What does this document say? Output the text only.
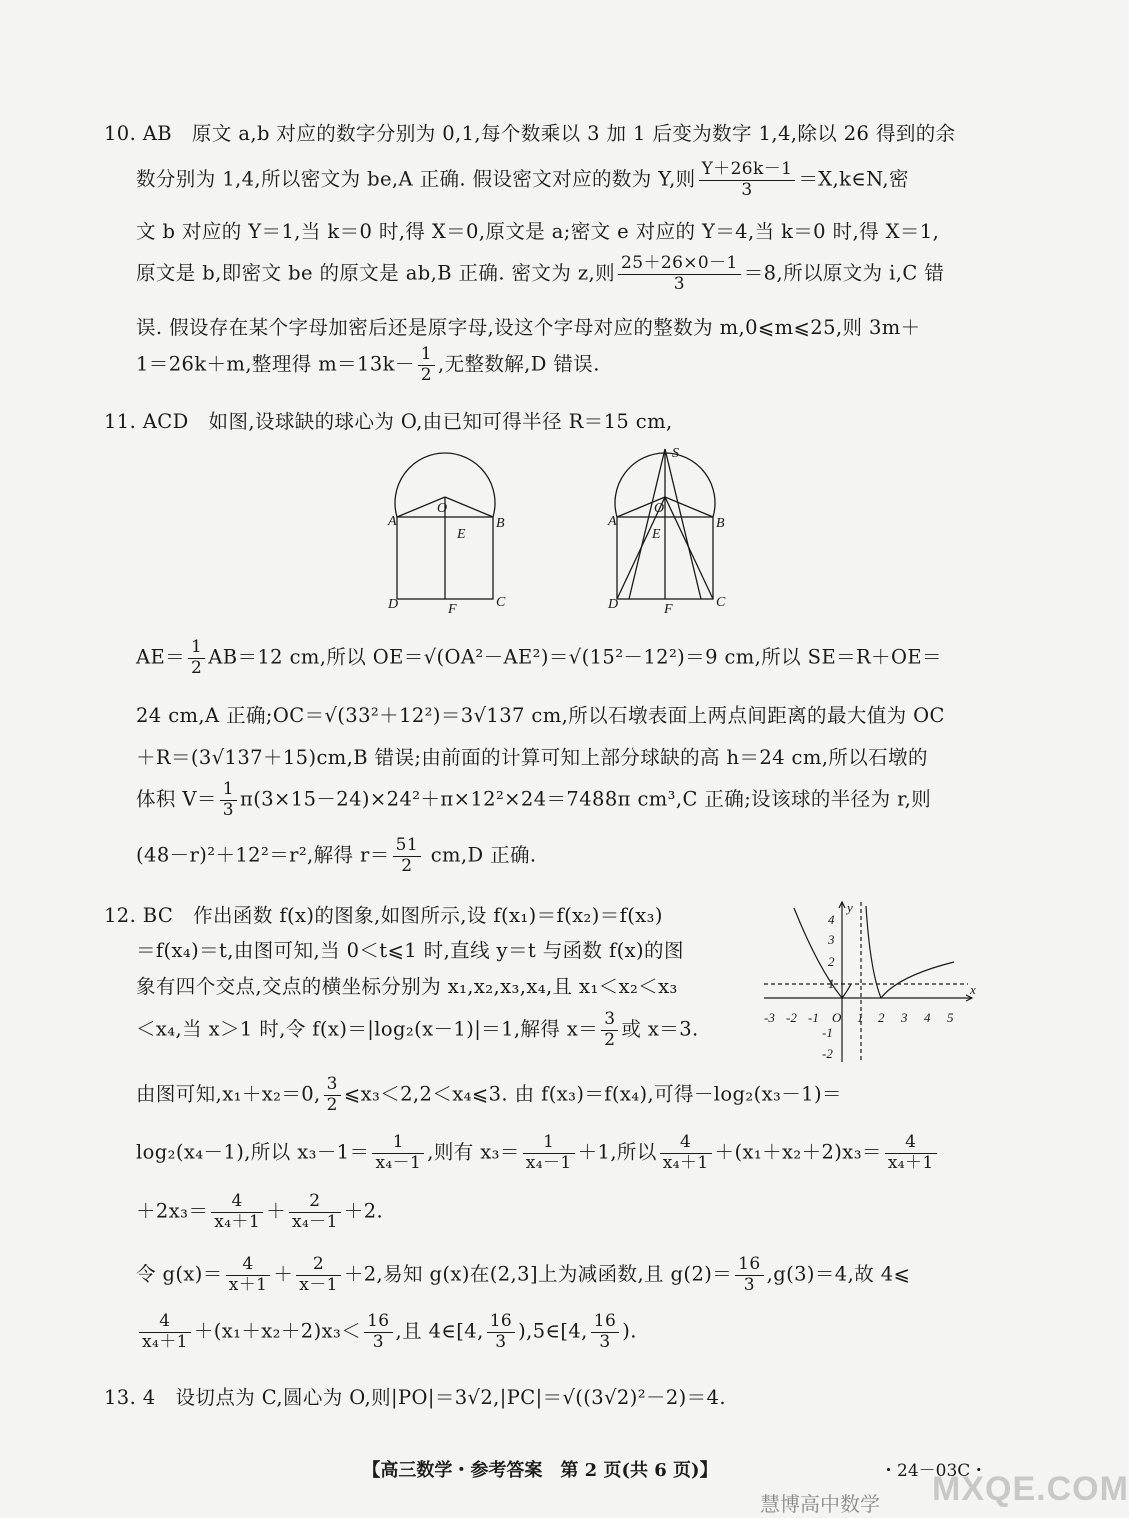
10. AB　原文 a,b 对应的数字分别为 0,1,每个数乘以 3 加 1 后变为数字 1,4,除以 26 得到的余
数分别为 1,4,所以密文为 be,A 正确. 假设密文对应的数为 Y,则 $\frac{Y+26k-1}{3}$ ＝X,k∈N,密
文 b 对应的 Y＝1,当 k＝0 时,得 X＝0,原文是 a;密文 e 对应的 Y＝4,当 k＝0 时,得 X＝1,
原文是 b,即密文 be 的原文是 ab,B 正确. 密文为 z,则 $\frac{25+26\times 0-1}{3} =8$,所以原文为 i,C 错
误. 假设存在某个字母加密后还是原字母,设这个字母对应的整数为 m,0⩽m⩽25,则 3m＋
1＝26k＋m,整理得 $m=13k- \frac{1}{2}$ ,无整数解,D 错误.
11. ACD　如图,设球缺的球心为 O,由已知可得半径 R＝15 cm,
A	B
O
E
D	F	C
S
A	B
O
E
D	F	C
$AE= \frac{1}{2} AB=12$ cm,所以 OE＝√(OA²－AE²)＝√(15²－12²)＝9 cm,所以 SE＝R＋OE＝
24 cm,A 正确;OC＝√(33²＋12²)＝3√137 cm,所以石墩表面上两点间距离的最大值为 OC
＋R＝(3√137＋15)cm,B 错误;由前面的计算可知上部分球缺的高 h＝24 cm,所以石墩的
体积 $V= \frac{1}{3} \pi(3\times 15-24)\times 24^2+\pi\times 12^2\times 24=7488\pi$ cm³,C 正确;设该球的半径为 r,则
(48－r)²＋12²＝r²,解得 $r= \frac{51}{2} cm,D$ 正确.
12. BC　作出函数 f(x)的图象,如图所示,设 f(x₁)＝f(x₂)＝f(x₃)
＝f(x₄)＝t,由图可知,当 0＜t⩽1 时,直线 y＝t 与函数 f(x)的图
象有四个交点,交点的横坐标分别为 x₁,x₂,x₃,x₄,且 x₁＜x₂＜x₃
＜x₄,当 x＞1 时,令 f(x)＝|log₂(x－1)|＝1,解得 $x= \frac{3}{2}$ 或 x＝3.
-3 -2 -1 O 1 2 3 4 5
4
3
2
1
-1
-2
x
y
由图可知,x₁＋x₂＝0, $\frac{3}{2}$ ⩽x₃＜2,2＜x₄⩽3. 由 f(x₃)＝f(x₄),可得－log₂(x₃－1)＝
log₂(x₄－1),所以 $x_3-1= \frac{1}{\text{x₄－1}}$ ,则有 $x_3= \frac{1}{\text{x₄－1}} +1$,所以 $\frac{4}{\text{x₄＋1}} +(x_1+x_2+2)x_3= \frac{4}{\text{x₄＋1}}$
$+2x_3= \frac{4}{\text{x₄＋1}} + \frac{2}{\text{x₄－1}} +2$.
令 $g(x)= \frac{4}{x+1} + \frac{2}{x-1} +2$,易知 g(x)在(2,3]上为减函数,且 $g(2)= \frac{16}{3} ,g(3)=4$,故 4⩽
$\frac{4}{\text{x₄＋1}} +(x_1+x_2+2)x_3< \frac{16}{3}$ ,且 4∈[4, $\frac{16}{3}$ ),5∈[4, $\frac{16}{3}$ ).
13. 4　设切点为 C,圆心为 O,则|PO|＝3√2,|PC|＝√((3√2)²－2)＝4.
【高三数学・参考答案　第 2 页(共 6 页)】	・24－03C・
慧博高中数学 MXQE.COM
